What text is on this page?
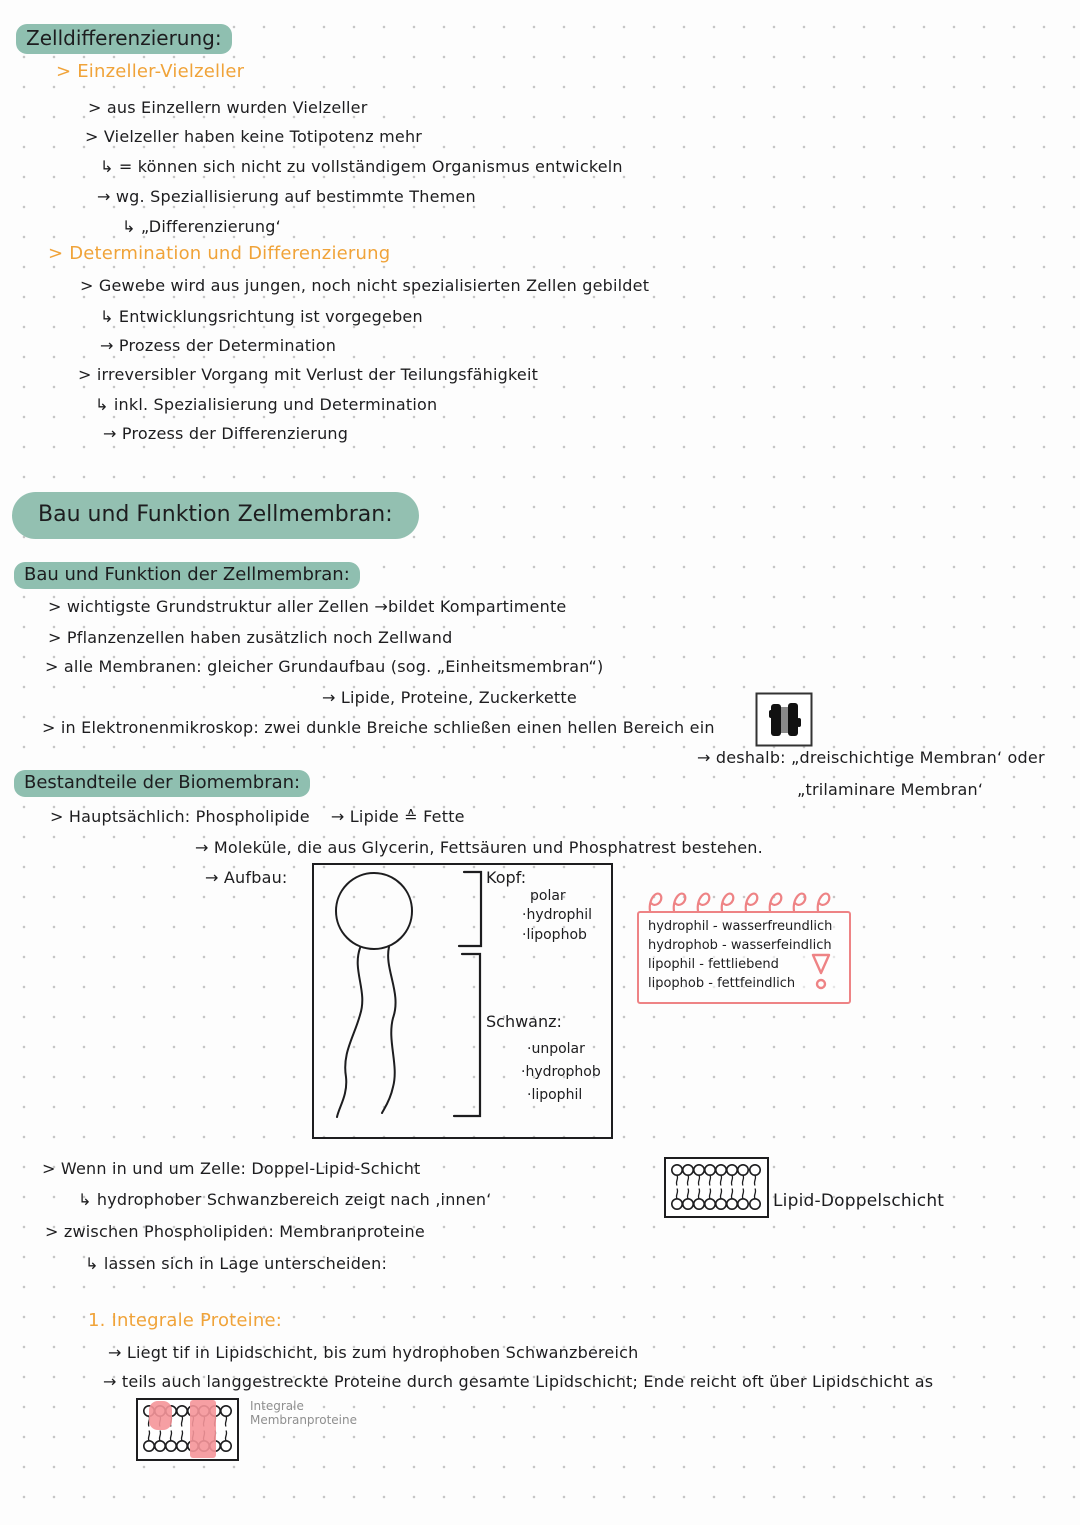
Zelldifferenzierung:
> Einzeller-Vielzeller
> aus Einzellern wurden Vielzeller
> Vielzeller haben keine Totipotenz mehr
↳ = können sich nicht zu vollständigem Organismus entwickeln
→ wg. Speziallisierung auf bestimmte Themen
↳ „Differenzierung‘
> Determination und Differenzierung
> Gewebe wird aus jungen, noch nicht spezialisierten Zellen gebildet
↳ Entwicklungsrichtung ist vorgegeben
→ Prozess der Determination
> irreversibler Vorgang mit Verlust der Teilungsfähigkeit
↳ inkl. Spezialisierung und Determination
→ Prozess der Differenzierung
Bau und Funktion Zellmembran:
Bau und Funktion der Zellmembran:
> wichtigste Grundstruktur aller Zellen →bildet Kompartimente
> Pflanzenzellen haben zusätzlich noch Zellwand
> alle Membranen: gleicher Grundaufbau (sog. „Einheitsmembran“)
→ Lipide, Proteine, Zuckerkette
> in Elektronenmikroskop: zwei dunkle Breiche schließen einen hellen Bereich ein
→ deshalb: „dreischichtige Membran‘ oder
„trilaminare Membran‘
Bestandteile der Biomembran:
> Hauptsächlich: Phospholipide    → Lipide ≙ Fette
→ Moleküle, die aus Glycerin, Fettsäuren und Phosphatrest bestehen.
→ Aufbau:	Kopf:
polar
·hydrophil
·lipophob
Schwanz:
·unpolar
·hydrophob
·lipophil
hydrophil - wasserfreundlich
hydrophob - wasserfeindlich
lipophil - fettliebend
lipophob - fettfeindlich
> Wenn in und um Zelle: Doppel-Lipid-Schicht
↳ hydrophober Schwanzbereich zeigt nach ‚innen‘
> zwischen Phospholipiden: Membranproteine
↳ lassen sich in Lage unterscheiden:
Lipid-Doppelschicht
1. Integrale Proteine:
→ Liegt tif in Lipidschicht, bis zum hydrophoben Schwanzbereich
→ teils auch langgestreckte Proteine durch gesamte Lipidschicht; Ende reicht oft über Lipidschicht as
Integrale
Membranproteine
